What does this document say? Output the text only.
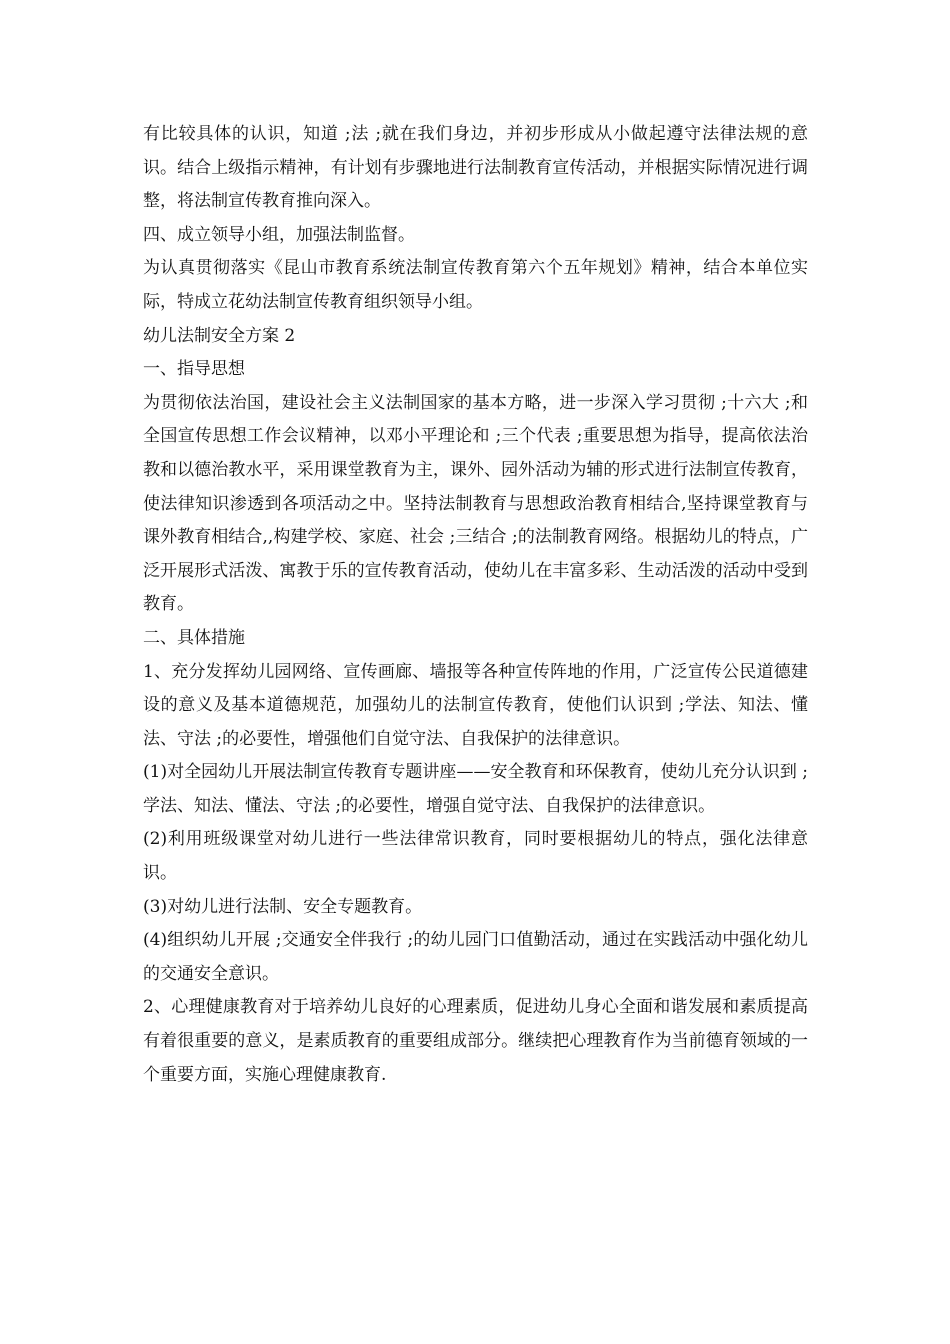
有比较具体的认识，知道 ;法 ;就在我们身边，并初步形成从小做起遵守法律法规的意识。结合上级指示精神，有计划有步骤地进行法制教育宣传活动，并根据实际情况进行调整，将法制宣传教育推向深入。

四、成立领导小组，加强法制监督。

为认真贯彻落实《昆山市教育系统法制宣传教育第六个五年规划》精神，结合本单位实际，特成立花幼法制宣传教育组织领导小组。

幼儿法制安全方案 2

一、指导思想

为贯彻依法治国，建设社会主义法制国家的基本方略，进一步深入学习贯彻 ;十六大 ;和全国宣传思想工作会议精神，以邓小平理论和 ;三个代表 ;重要思想为指导，提高依法治教和以德治教水平，采用课堂教育为主，课外、园外活动为辅的形式进行法制宣传教育，使法律知识渗透到各项活动之中。坚持法制教育与思想政治教育相结合,坚持课堂教育与课外教育相结合,,构建学校、家庭、社会 ;三结合 ;的法制教育网络。根据幼儿的特点，广泛开展形式活泼、寓教于乐的宣传教育活动，使幼儿在丰富多彩、生动活泼的活动中受到教育。

二、具体措施

1、充分发挥幼儿园网络、宣传画廊、墙报等各种宣传阵地的作用，广泛宣传公民道德建设的意义及基本道德规范，加强幼儿的法制宣传教育，使他们认识到 ;学法、知法、懂法、守法 ;的必要性，增强他们自觉守法、自我保护的法律意识。

(1)对全园幼儿开展法制宣传教育专题讲座——安全教育和环保教育，使幼儿充分认识到 ;学法、知法、懂法、守法 ;的必要性，增强自觉守法、自我保护的法律意识。

(2)利用班级课堂对幼儿进行一些法律常识教育，同时要根据幼儿的特点，强化法律意识。

(3)对幼儿进行法制、安全专题教育。

(4)组织幼儿开展 ;交通安全伴我行 ;的幼儿园门口值勤活动，通过在实践活动中强化幼儿的交通安全意识。

2、心理健康教育对于培养幼儿良好的心理素质，促进幼儿身心全面和谐发展和素质提高有着很重要的意义，是素质教育的重要组成部分。继续把心理教育作为当前德育领域的一个重要方面，实施心理健康教育.
